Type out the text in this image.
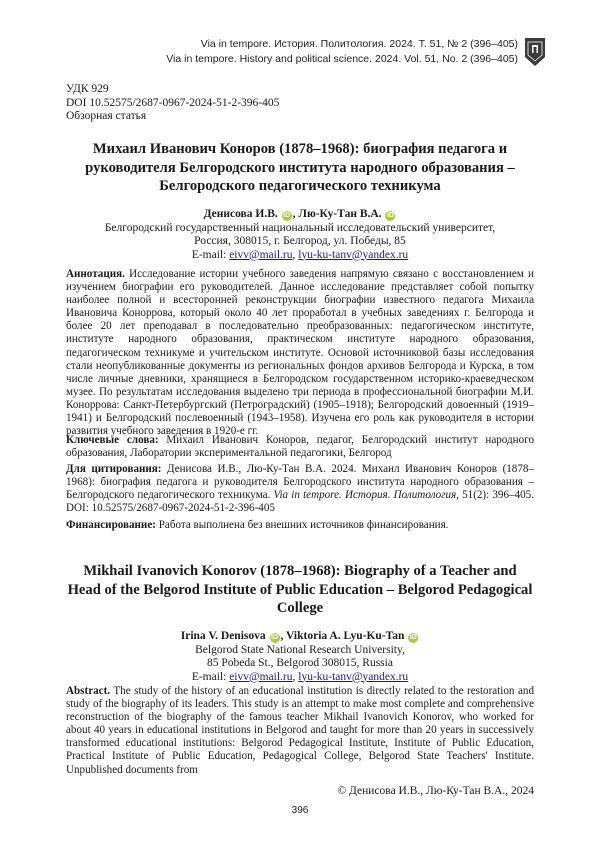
Via in tempore. История. Политология. 2024. Т. 51, № 2 (396–405)
Via in tempore. History and political science. 2024. Vol. 51, No. 2 (396–405)
УДК 929
DOI 10.52575/2687-0967-2024-51-2-396-405
Обзорная статья
Михаил Иванович Коноров (1878–1968): биография педагога и руководителя Белгородского института народного образования – Белгородского педагогического техникума
Денисова И.В. iD , Лю-Ку-Тан В.А. iD
Белгородский государственный национальный исследовательский университет,
Россия, 308015, г. Белгород, ул. Победы, 85
E-mail: eivv@mail.ru, lyu-ku-tanv@yandex.ru
Аннотация. Исследование истории учебного заведения напрямую связано с восстановлением и изучением биографии его руководителей. Данное исследование представляет собой попытку наиболее полной и всесторонней реконструкции биографии известного педагога Михаила Ивановича Коноррова, который около 40 лет проработал в учебных заведениях г. Белгорода и более 20 лет преподавал в последовательно преобразованных: педагогическом институте, институте народного образования, практическом институте народного образования, педагогическом техникуме и учительском институте. Основой источниковой базы исследования стали неопубликованные документы из региональных фондов архивов Белгорода и Курска, в том числе личные дневники, хранящиеся в Белгородском государственном историко-краеведческом музее. По результатам исследования выделено три периода в профессиональной биографии М.И. Коноррова: Санкт-Петербургский (Петроградский) (1905–1918); Белгородский довоенный (1919–1941) и Белгородский послевоенный (1943–1958). Изучена его роль как руководителя в истории развития учебного заведения в 1920-е гг.
Ключевые слова: Михаил Иванович Коноров, педагог, Белгородский институт народного образования, Лаборатории экспериментальной педагогики, Белгород
Для цитирования: Денисова И.В., Лю-Ку-Тан В.А. 2024. Михаил Иванович Коноров (1878–1968): биография педагога и руководителя Белгородского института народного образования – Белгородского педагогического техникума. Via in tempore. История. Политология, 51(2): 396–405. DOI: 10.52575/2687-0967-2024-51-2-396-405
Финансирование: Работа выполнена без внешних источников финансирования.
Mikhail Ivanovich Konorov (1878–1968): Biography of a Teacher and Head of the Belgorod Institute of Public Education – Belgorod Pedagogical College
Irina V. Denisova iD , Viktoria A. Lyu-Ku-Tan iD
Belgorod State National Research University,
85 Pobeda St., Belgorod 308015, Russia
E-mail: eivv@mail.ru, lyu-ku-tanv@yandex.ru
Abstract. The study of the history of an educational institution is directly related to the restoration and study of the biography of its leaders. This study is an attempt to make most complete and comprehensive reconstruction of the biography of the famous teacher Mikhail Ivanovich Konorov, who worked for about 40 years in educational institutions in Belgorod and taught for more than 20 years in successively transformed educational institutions: Belgorod Pedagogical Institute, Institute of Public Education, Practical Institute of Public Education, Pedagogical College, Belgorod State Teachers' Institute. Unpublished documents from
© Денисова И.В., Лю-Ку-Тан В.А., 2024
396
